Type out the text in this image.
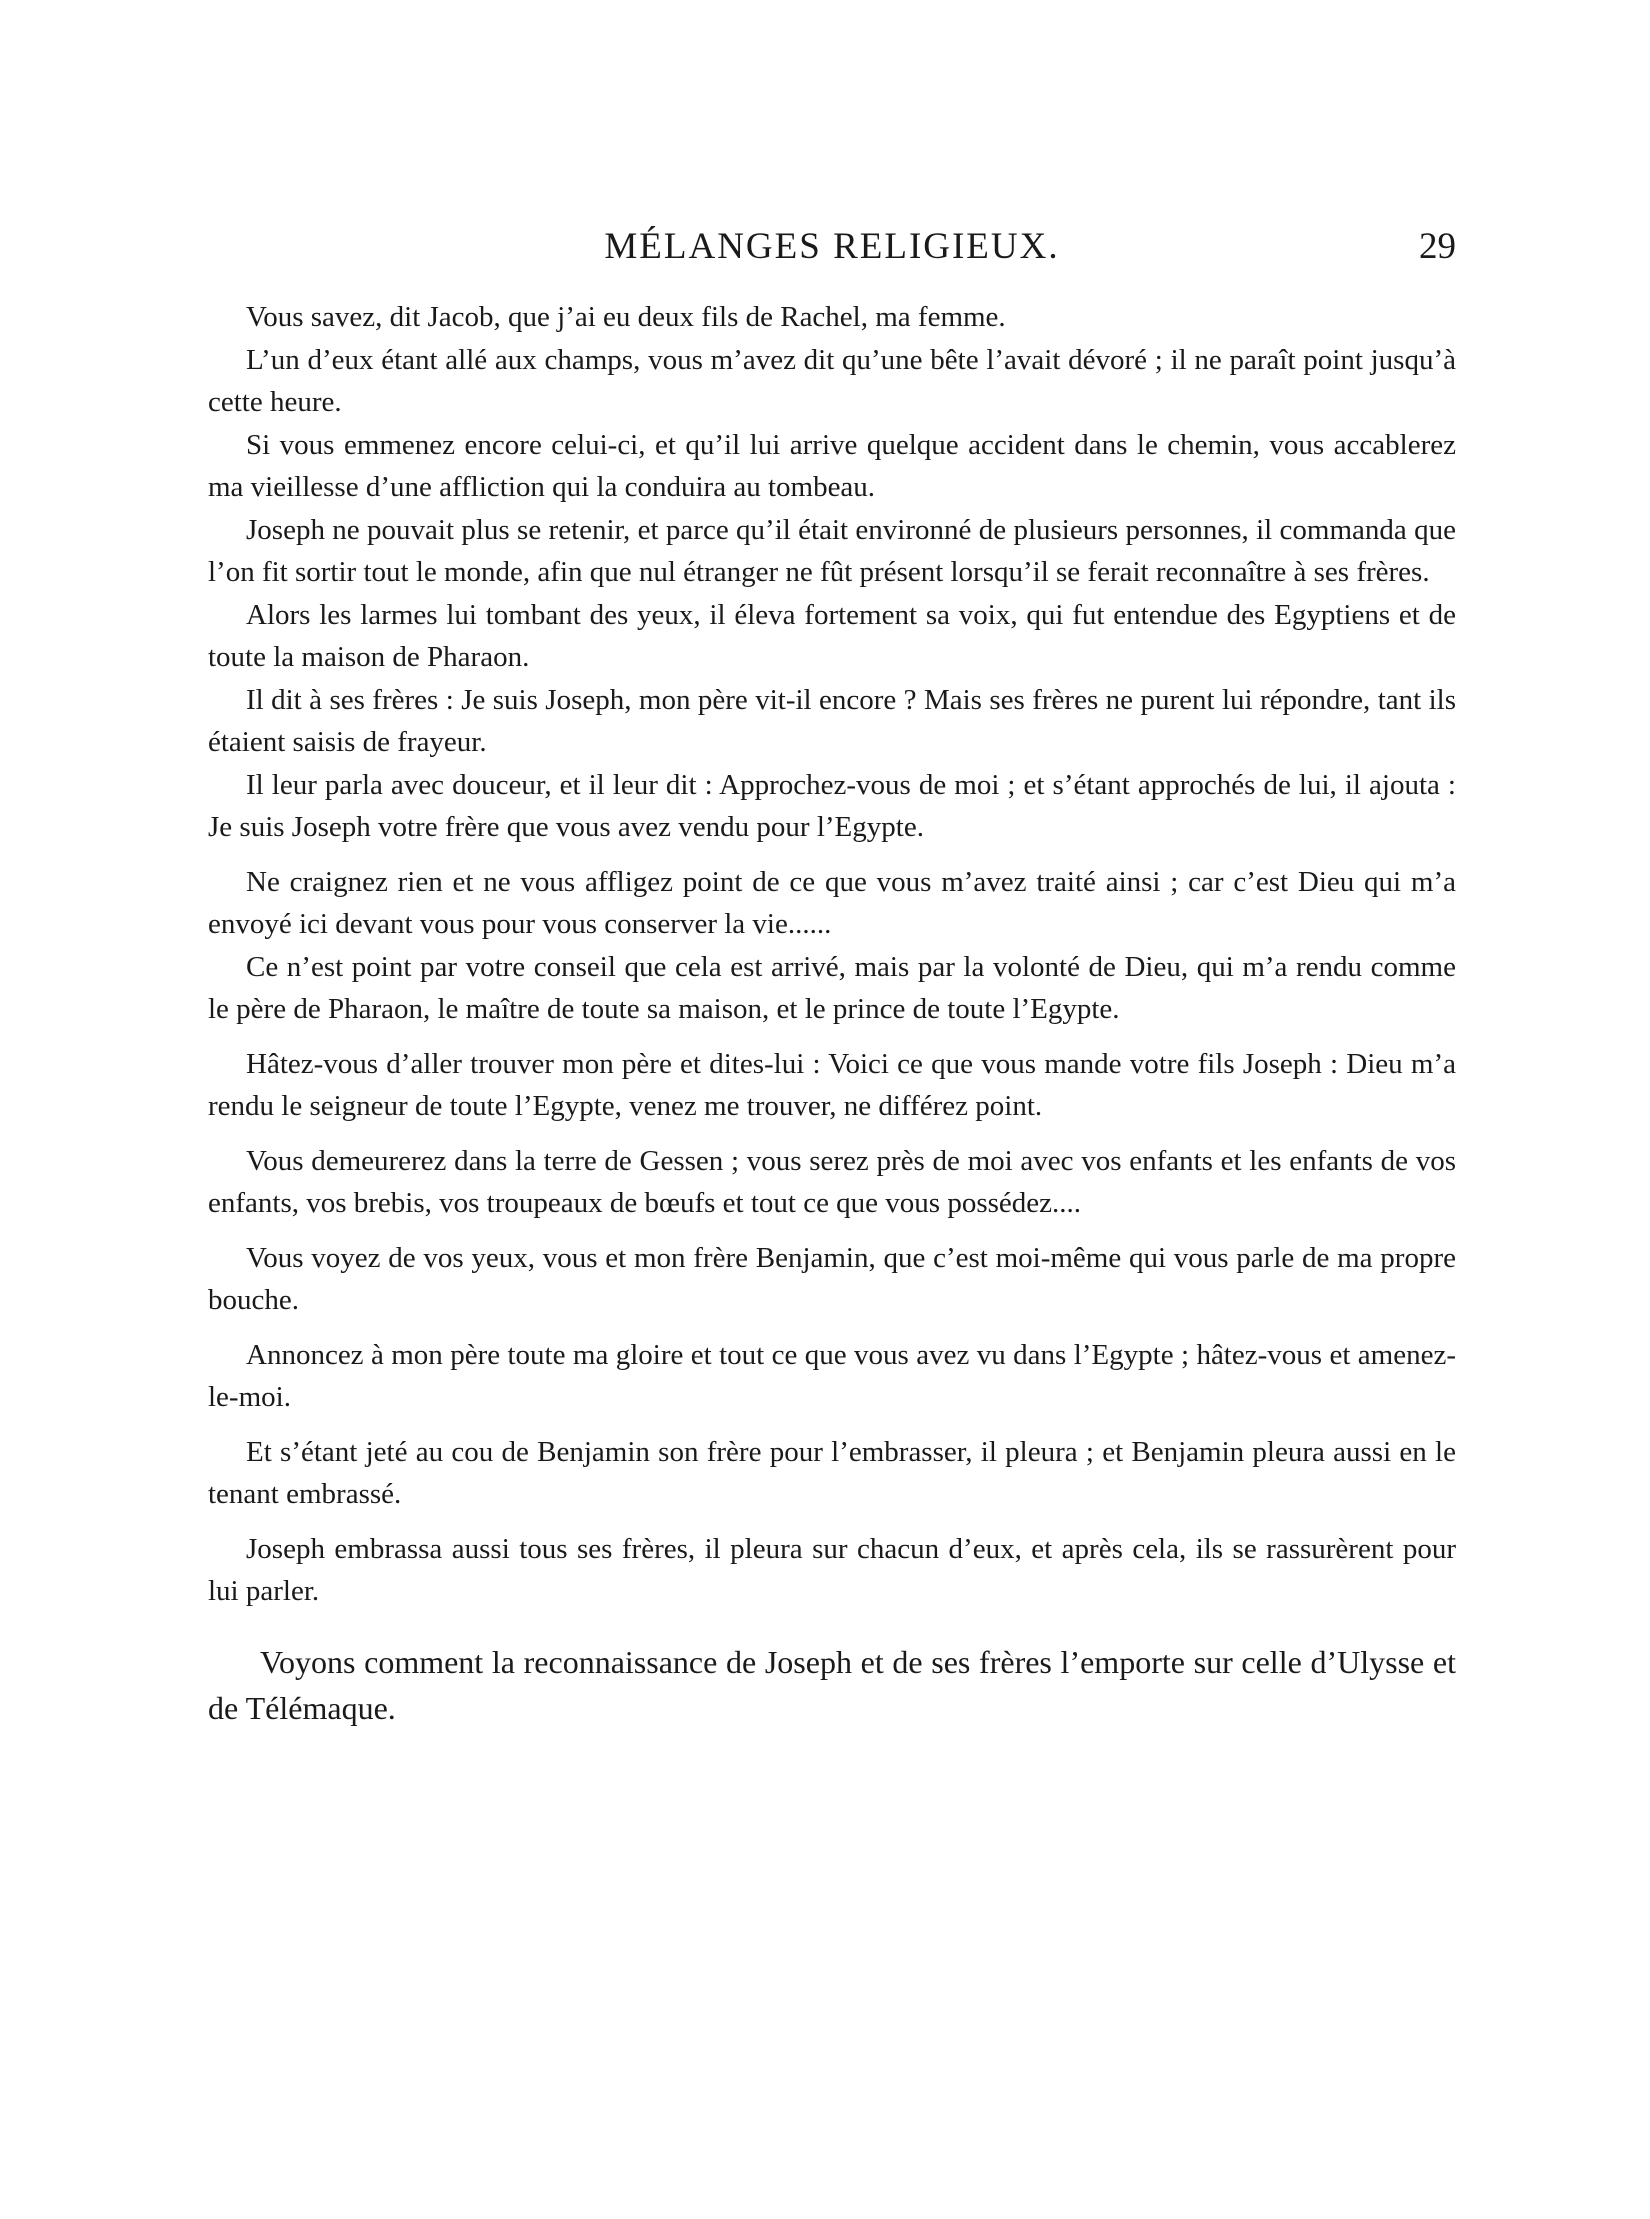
MÉLANGES RELIGIEUX.	29

Vous savez, dit Jacob, que j’ai eu deux fils de Rachel, ma femme.

L’un d’eux étant allé aux champs, vous m’avez dit qu’une bête l’avait dévoré ; il ne paraît point jusqu’à cette heure.

Si vous emmenez encore celui-ci, et qu’il lui arrive quelque accident dans le chemin, vous accablerez ma vieillesse d’une affliction qui la conduira au tombeau.

Joseph ne pouvait plus se retenir, et parce qu’il était environné de plusieurs personnes, il commanda que l’on fit sortir tout le monde, afin que nul étranger ne fût présent lorsqu’il se ferait reconnaître à ses frères.

Alors les larmes lui tombant des yeux, il éleva fortement sa voix, qui fut entendue des Egyptiens et de toute la maison de Pharaon.

Il dit à ses frères : Je suis Joseph, mon père vit-il encore ? Mais ses frères ne purent lui répondre, tant ils étaient saisis de frayeur.

Il leur parla avec douceur, et il leur dit : Approchez-vous de moi ; et s’étant approchés de lui, il ajouta : Je suis Joseph votre frère que vous avez vendu pour l’Egypte.

Ne craignez rien et ne vous affligez point de ce que vous m’avez traité ainsi ; car c’est Dieu qui m’a envoyé ici devant vous pour vous conserver la vie......

Ce n’est point par votre conseil que cela est arrivé, mais par la volonté de Dieu, qui m’a rendu comme le père de Pharaon, le maître de toute sa maison, et le prince de toute l’Egypte.

Hâtez-vous d’aller trouver mon père et dites-lui : Voici ce que vous mande votre fils Joseph : Dieu m’a rendu le seigneur de toute l’Egypte, venez me trouver, ne différez point.

Vous demeurerez dans la terre de Gessen ; vous serez près de moi avec vos enfants et les enfants de vos enfants, vos brebis, vos troupeaux de bœufs et tout ce que vous possédez....

Vous voyez de vos yeux, vous et mon frère Benjamin, que c’est moi-même qui vous parle de ma propre bouche.

Annoncez à mon père toute ma gloire et tout ce que vous avez vu dans l’Egypte ; hâtez-vous et amenez-le-moi.

Et s’étant jeté au cou de Benjamin son frère pour l’embrasser, il pleura ; et Benjamin pleura aussi en le tenant embrassé.

Joseph embrassa aussi tous ses frères, il pleura sur chacun d’eux, et après cela, ils se rassurèrent pour lui parler.

Voyons comment la reconnaissance de Joseph et de ses frères l’emporte sur celle d’Ulysse et de Télémaque.
